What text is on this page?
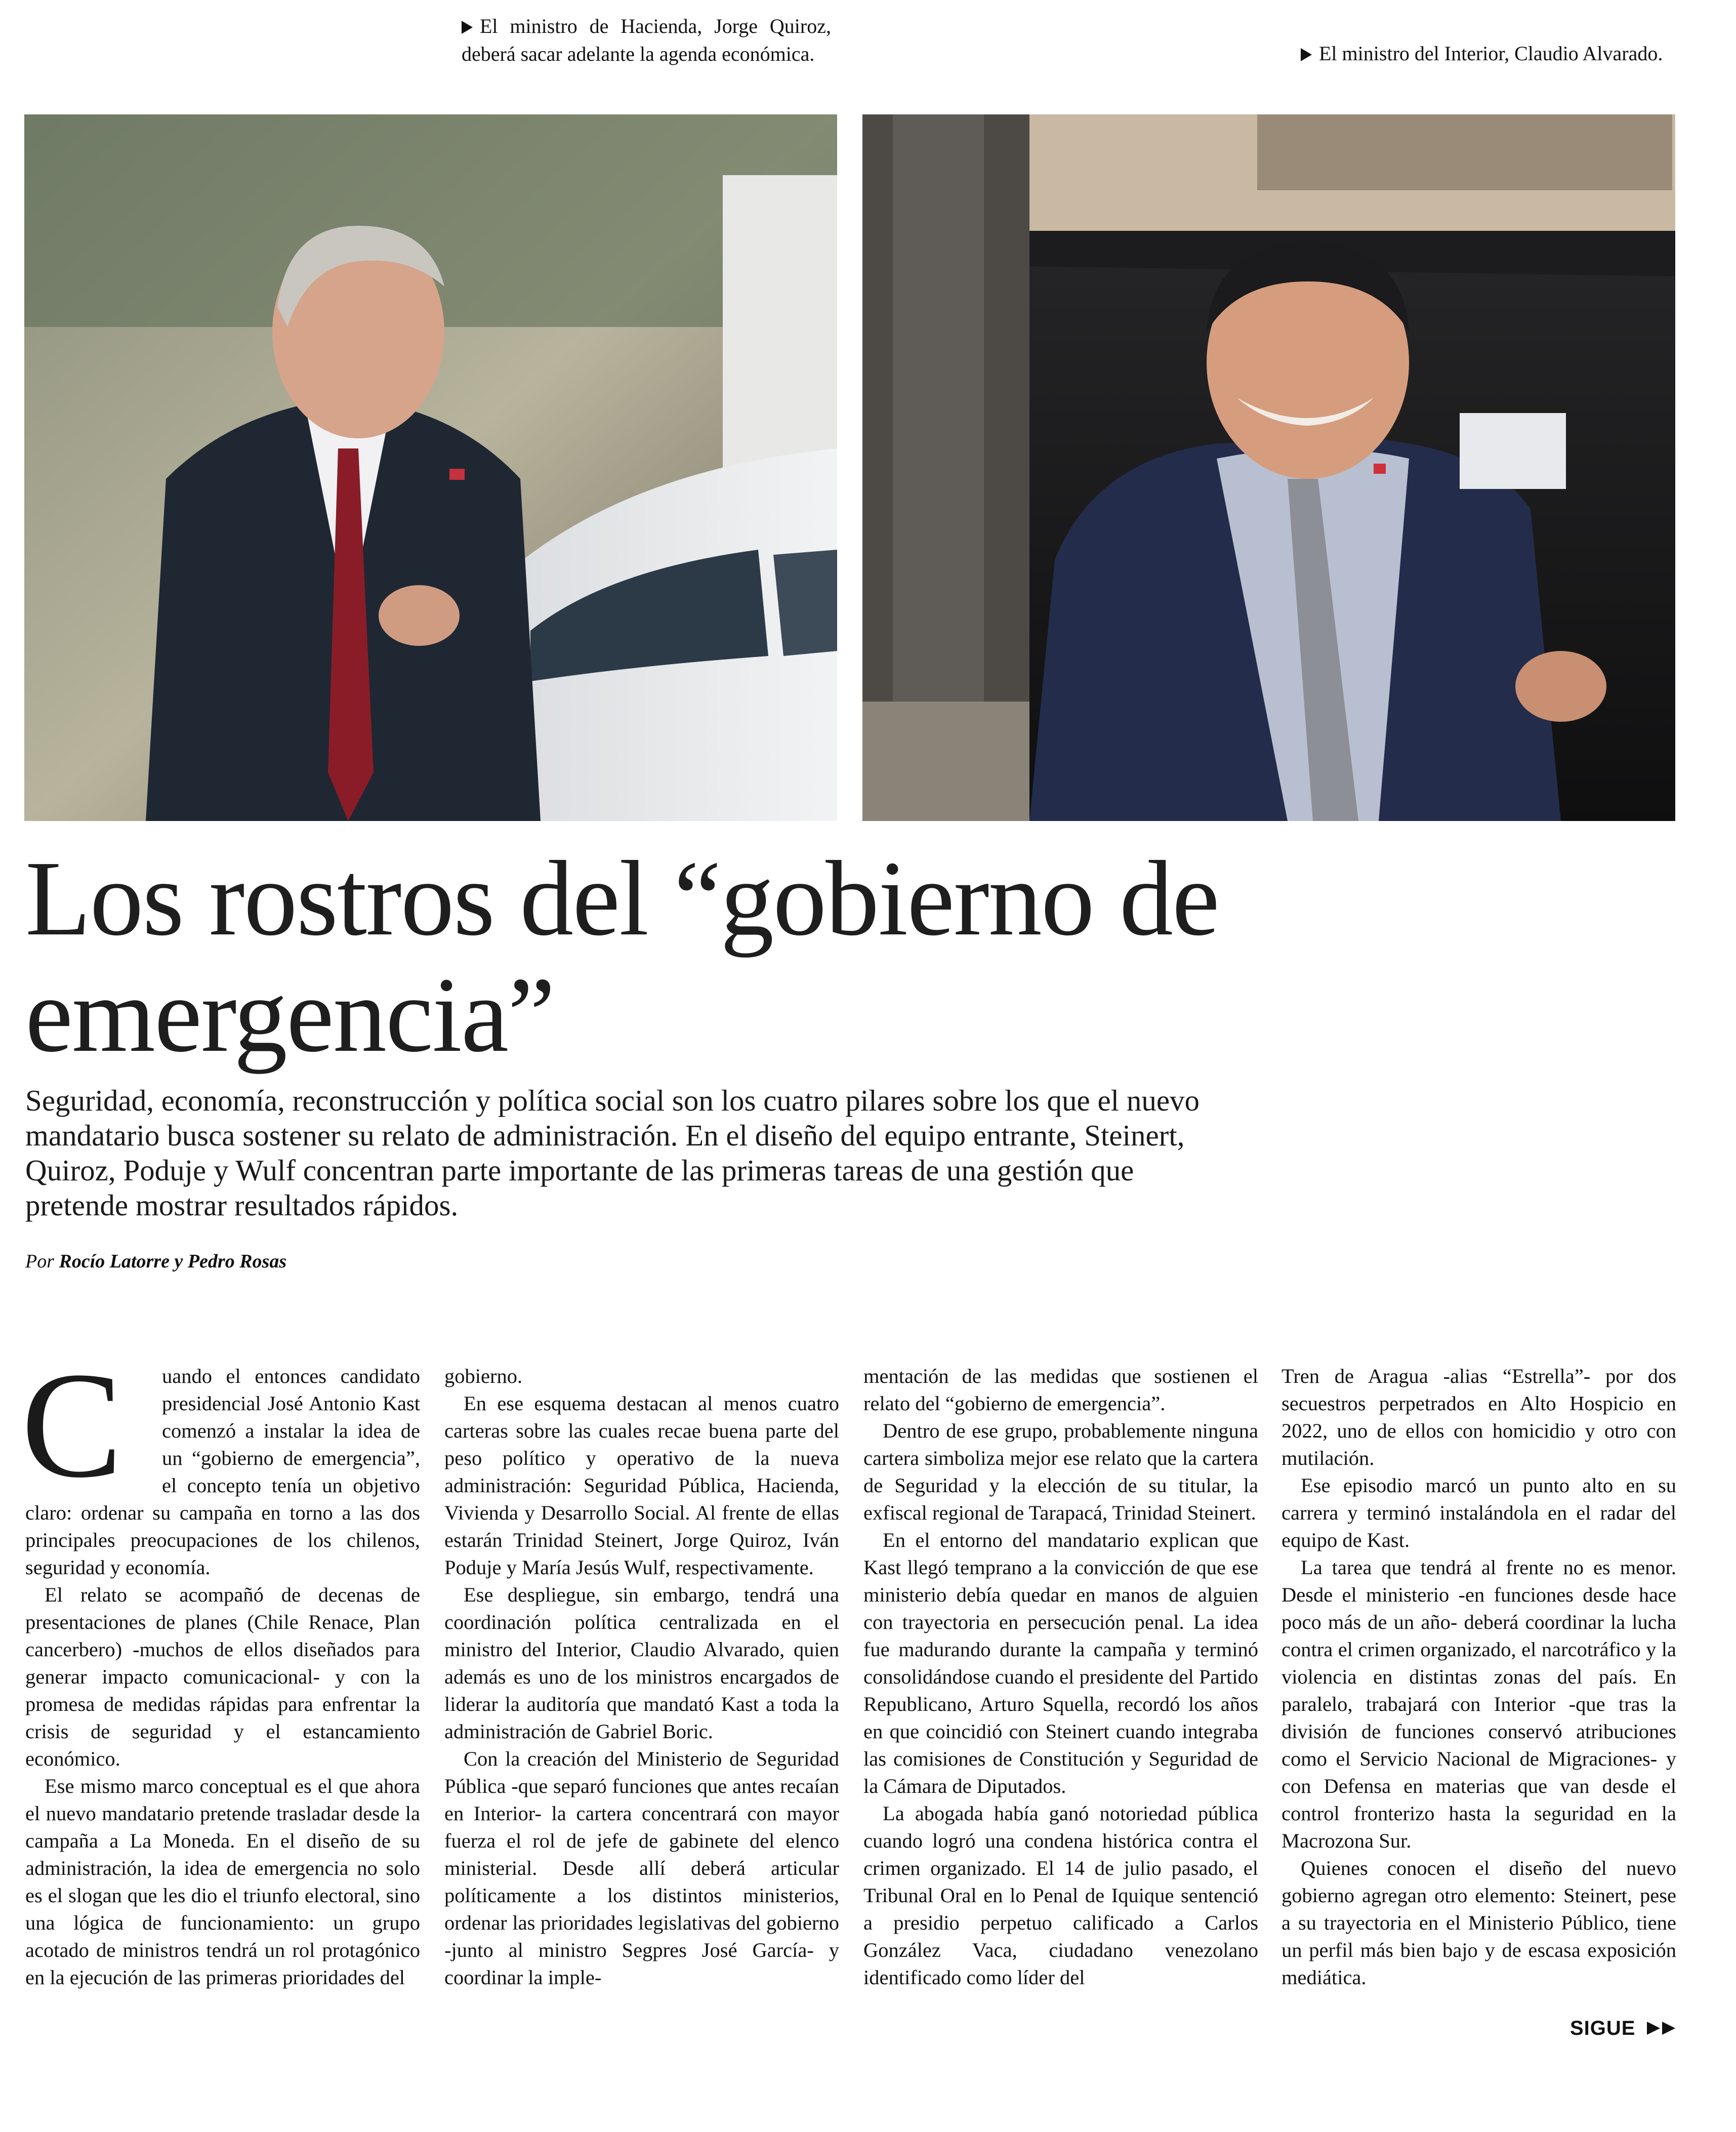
El ministro de Hacienda, Jorge Quiroz, deberá sacar adelante la agenda económica.	El ministro del Interior, Claudio Alvarado.
Los rostros del “gobierno de emergencia”

Seguridad, economía, reconstrucción y política social son los cuatro pilares sobre los que el nuevo mandatario busca sostener su relato de administración. En el diseño del equipo entrante, Steinert, Quiroz, Poduje y Wulf concentran parte importante de las primeras tareas de una gestión que pretende mostrar resultados rápidos.

Por Rocío Latorre y Pedro Rosas
C	uando el entonces candidato presidencial José Antonio Kast comenzó a instalar la idea de un “gobierno de emergencia”, el concepto tenía un objetivo claro: ordenar su campaña en torno a las dos principales preocupaciones de los chilenos, seguridad y economía.

El relato se acompañó de decenas de presentaciones de planes (Chile Renace, Plan cancerbero) -muchos de ellos diseñados para generar impacto comunicacional- y con la promesa de medidas rápidas para enfrentar la crisis de seguridad y el estancamiento económico.

Ese mismo marco conceptual es el que ahora el nuevo mandatario pretende trasladar desde la campaña a La Moneda. En el diseño de su administración, la idea de emergencia no solo es el slogan que les dio el triunfo electoral, sino una lógica de funcionamiento: un grupo acotado de ministros tendrá un rol protagónico en la ejecución de las primeras prioridades del

gobierno.

En ese esquema destacan al menos cuatro carteras sobre las cuales recae buena parte del peso político y operativo de la nueva administración: Seguridad Pública, Hacienda, Vivienda y Desarrollo Social. Al frente de ellas estarán Trinidad Steinert, Jorge Quiroz, Iván Poduje y María Jesús Wulf, respectivamente.

Ese despliegue, sin embargo, tendrá una coordinación política centralizada en el ministro del Interior, Claudio Alvarado, quien además es uno de los ministros encargados de liderar la auditoría que mandató Kast a toda la administración de Gabriel Boric.

Con la creación del Ministerio de Seguridad Pública -que separó funciones que antes recaían en Interior- la cartera concentrará con mayor fuerza el rol de jefe de gabinete del elenco ministerial. Desde allí deberá articular políticamente a los distintos ministerios, ordenar las prioridades legislativas del gobierno -junto al ministro Segpres José García- y coordinar la imple-

mentación de las medidas que sostienen el relato del “gobierno de emergencia”.

Dentro de ese grupo, probablemente ninguna cartera simboliza mejor ese relato que la cartera de Seguridad y la elección de su titular, la exfiscal regional de Tarapacá, Trinidad Steinert.

En el entorno del mandatario explican que Kast llegó temprano a la convicción de que ese ministerio debía quedar en manos de alguien con trayectoria en persecución penal. La idea fue madurando durante la campaña y terminó consolidándose cuando el presidente del Partido Republicano, Arturo Squella, recordó los años en que coincidió con Steinert cuando integraba las comisiones de Constitución y Seguridad de la Cámara de Diputados.

La abogada había ganó notoriedad pública cuando logró una condena histórica contra el crimen organizado. El 14 de julio pasado, el Tribunal Oral en lo Penal de Iquique sentenció a presidio perpetuo calificado a Carlos González Vaca, ciudadano venezolano identificado como líder del

Tren de Aragua -alias “Estrella”- por dos secuestros perpetrados en Alto Hospicio en 2022, uno de ellos con homicidio y otro con mutilación.

Ese episodio marcó un punto alto en su carrera y terminó instalándola en el radar del equipo de Kast.

La tarea que tendrá al frente no es menor. Desde el ministerio -en funciones desde hace poco más de un año- deberá coordinar la lucha contra el crimen organizado, el narcotráfico y la violencia en distintas zonas del país. En paralelo, trabajará con Interior -que tras la división de funciones conservó atribuciones como el Servicio Nacional de Migraciones- y con Defensa en materias que van desde el control fronterizo hasta la seguridad en la Macrozona Sur.

Quienes conocen el diseño del nuevo gobierno agregan otro elemento: Steinert, pese a su trayectoria en el Ministerio Público, tiene un perfil más bien bajo y de escasa exposición mediática.

SIGUE
